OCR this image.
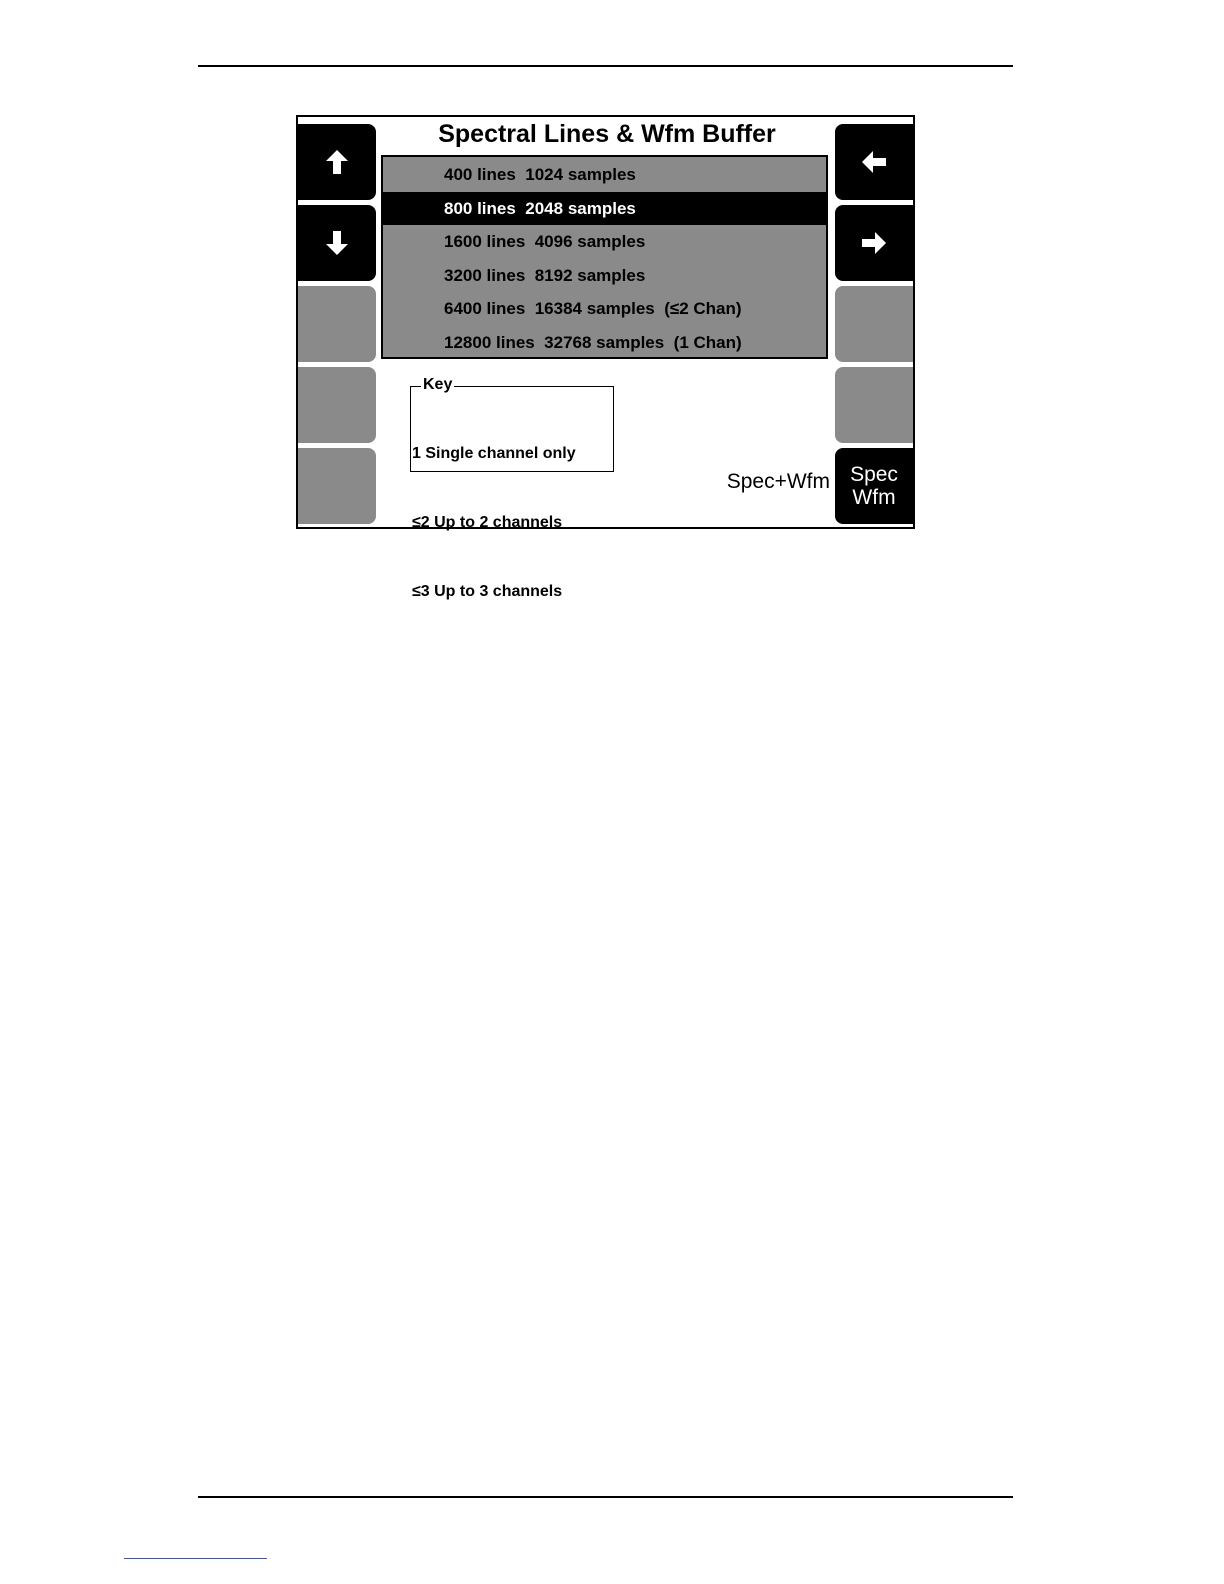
Spec
Wfm
Spectral Lines & Wfm Buffer
400 lines  1024 samples
800 lines  2048 samples
1600 lines  4096 samples
3200 lines  8192 samples
6400 lines  16384 samples  (≤2 Chan)
12800 lines  32768 samples  (1 Chan)
Key

1 Single channel only

≤2 Up to 2 channels

≤3 Up to 3 channels

Spec+Wfm
